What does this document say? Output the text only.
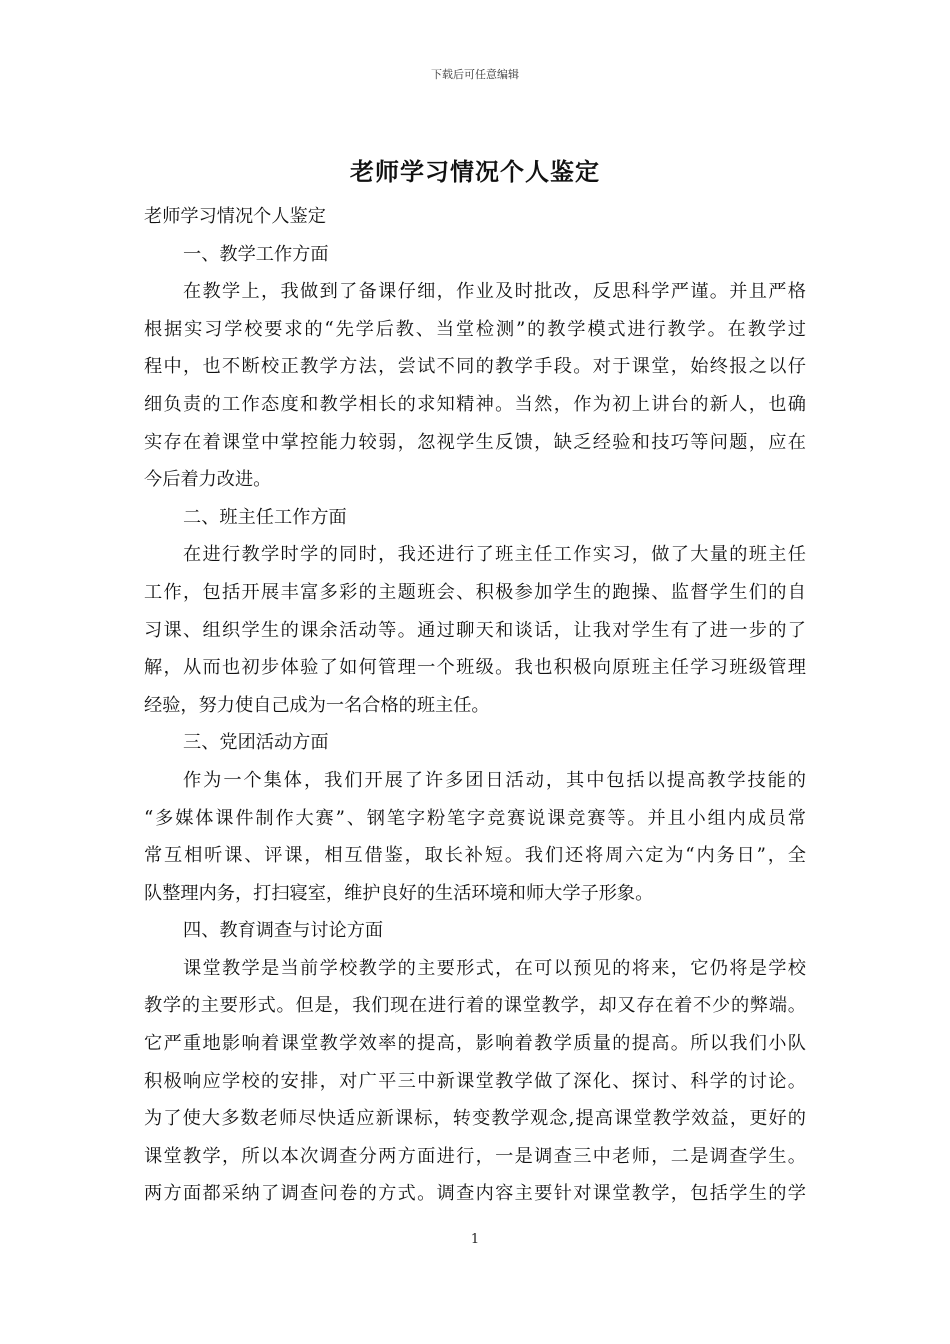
下载后可任意编辑
老师学习情况个人鉴定
老师学习情况个人鉴定
一、教学工作方面
在教学上，我做到了备课仔细，作业及时批改，反思科学严谨。并且严格
根据实习学校要求的“先学后教、当堂检测”的教学模式进行教学。在教学过
程中，也不断校正教学方法，尝试不同的教学手段。对于课堂，始终报之以仔
细负责的工作态度和教学相长的求知精神。当然，作为初上讲台的新人，也确
实存在着课堂中掌控能力较弱，忽视学生反馈，缺乏经验和技巧等问题，应在
今后着力改进。
二、班主任工作方面
在进行教学时学的同时，我还进行了班主任工作实习，做了大量的班主任
工作，包括开展丰富多彩的主题班会、积极参加学生的跑操、监督学生们的自
习课、组织学生的课余活动等。通过聊天和谈话，让我对学生有了进一步的了
解，从而也初步体验了如何管理一个班级。我也积极向原班主任学习班级管理
经验，努力使自己成为一名合格的班主任。
三、党团活动方面
作为一个集体，我们开展了许多团日活动，其中包括以提高教学技能的
“多媒体课件制作大赛”、钢笔字粉笔字竞赛说课竞赛等。并且小组内成员常
常互相听课、评课，相互借鉴，取长补短。我们还将周六定为“内务日”，全
队整理内务，打扫寝室，维护良好的生活环境和师大学子形象。
四、教育调查与讨论方面
课堂教学是当前学校教学的主要形式，在可以预见的将来，它仍将是学校
教学的主要形式。但是，我们现在进行着的课堂教学，却又存在着不少的弊端。
它严重地影响着课堂教学效率的提高，影响着教学质量的提高。所以我们小队
积极响应学校的安排，对广平三中新课堂教学做了深化、探讨、科学的讨论。
为了使大多数老师尽快适应新课标，转变教学观念,提高课堂教学效益，更好的
课堂教学，所以本次调查分两方面进行，一是调查三中老师，二是调查学生。
两方面都采纳了调查问卷的方式。调查内容主要针对课堂教学，包括学生的学
1
